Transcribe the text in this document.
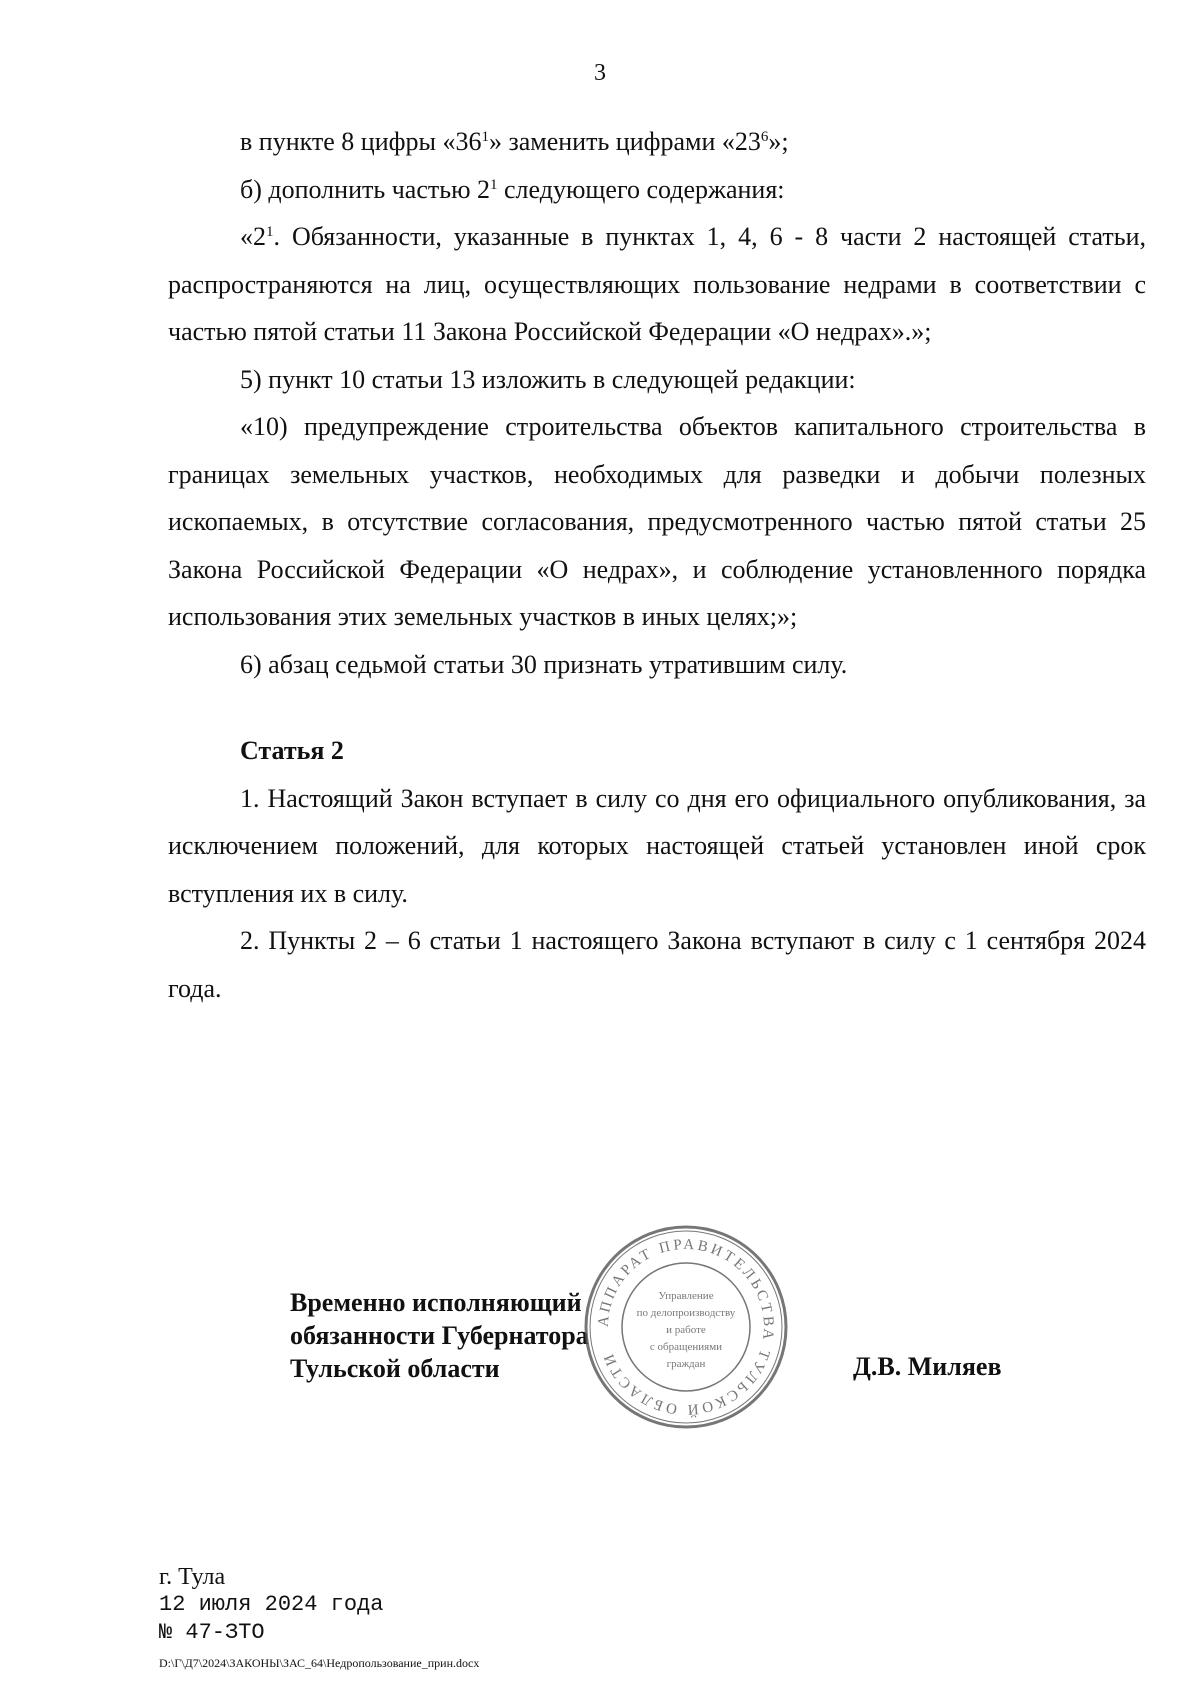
3

в пункте 8 цифры «$36^1$» заменить цифрами «$23^6$»;

б) дополнить частью $2^1$ следующего содержания:

«$2^1$. Обязанности, указанные в пунктах 1, 4, 6 - 8 части 2 настоящей статьи, распространяются на лиц, осуществляющих пользование недрами в соответствии с частью пятой статьи 11 Закона Российской Федерации «О недрах».»;

5) пункт 10 статьи 13 изложить в следующей редакции:

«10) предупреждение строительства объектов капитального строительства в границах земельных участков, необходимых для разведки и добычи полезных ископаемых, в отсутствие согласования, предусмотренного частью пятой статьи 25 Закона Российской Федерации «О недрах», и соблюдение установленного порядка использования этих земельных участков в иных целях;»;

6) абзац седьмой статьи 30 признать утратившим силу.

Статья 2

1. Настоящий Закон вступает в силу со дня его официального опубликования, за исключением положений, для которых настоящей статьей установлен иной срок вступления их в силу.

2. Пункты 2 – 6 статьи 1 настоящего Закона вступают в силу с 1 сентября 2024 года.

Временно исполняющий
обязанности Губернатора
Тульской области
АППАРАТ ПРАВИТЕЛЬСТВА ТУЛЬСКОЙ ОБЛАСТИ
Управление
по делопроизводству
и работе
с обращениями
граждан	Д.В. Миляев
г. Тула
12 июля 2024 года
№ 47-ЗТО
D:\Г\Д7\2024\ЗАКОНЫ\ЗАС_64\Недропользование_прин.docx
